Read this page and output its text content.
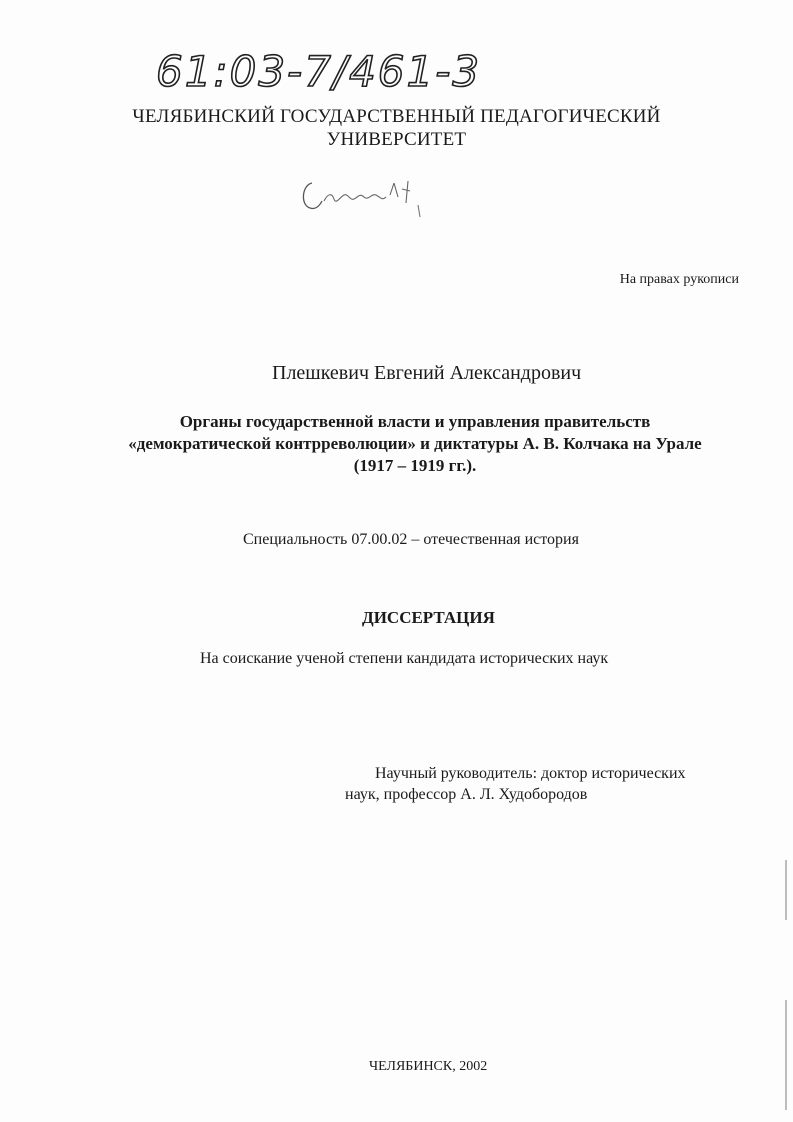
61:03-7/461-3
ЧЕЛЯБИНСКИЙ ГОСУДАРСТВЕННЫЙ ПЕДАГОГИЧЕСКИЙ
УНИВЕРСИТЕТ
На правах рукописи
Плешкевич Евгений Александрович
Органы государственной власти и управления правительств
«демократической контрреволюции» и диктатуры А. В. Колчака на Урале
(1917 – 1919 гг.).
Специальность 07.00.02 – отечественная история
ДИССЕРТАЦИЯ
На соискание ученой степени кандидата исторических наук
Научный руководитель: доктор исторических
наук, профессор А. Л. Худобородов
ЧЕЛЯБИНСК, 2002
